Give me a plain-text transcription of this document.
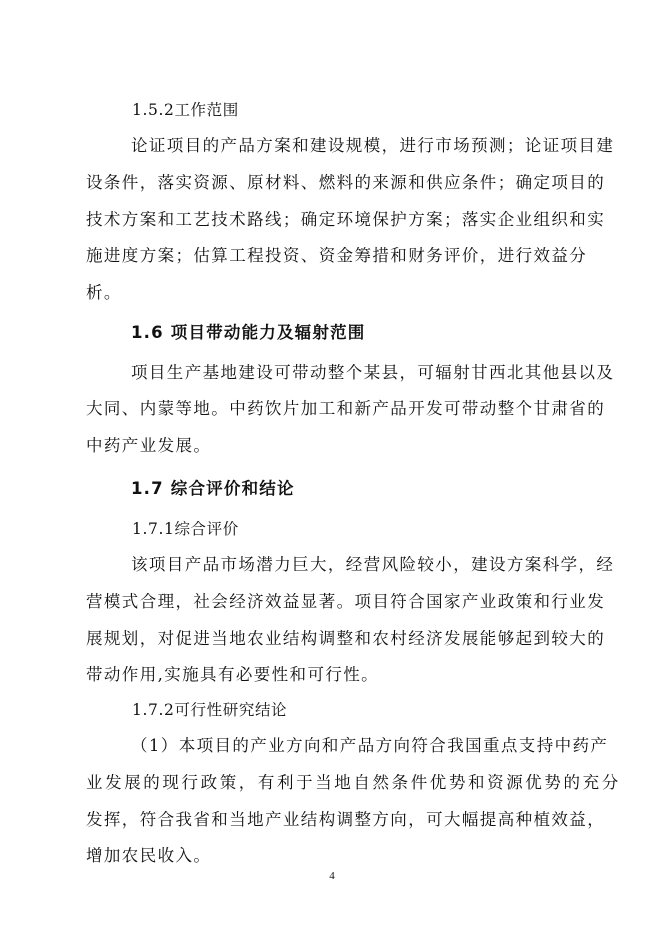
1.5.2工作范围
论证项目的产品方案和建设规模，进行市场预测；论证项目建
设条件，落实资源、原材料、燃料的来源和供应条件；确定项目的
技术方案和工艺技术路线；确定环境保护方案；落实企业组织和实
施进度方案；估算工程投资、资金筹措和财务评价，进行效益分
析。
1.6 项目带动能力及辐射范围
项目生产基地建设可带动整个某县，可辐射甘西北其他县以及
大同、内蒙等地。中药饮片加工和新产品开发可带动整个甘肃省的
中药产业发展。
1.7 综合评价和结论
1.7.1综合评价
该项目产品市场潜力巨大，经营风险较小，建设方案科学，经
营模式合理，社会经济效益显著。项目符合国家产业政策和行业发
展规划，对促进当地农业结构调整和农村经济发展能够起到较大的
带动作用,实施具有必要性和可行性。
1.7.2可行性研究结论
（1）本项目的产业方向和产品方向符合我国重点支持中药产
业发展的现行政策，有利于当地自然条件优势和资源优势的充分
发挥，符合我省和当地产业结构调整方向，可大幅提高种植效益，
增加农民收入。
4
